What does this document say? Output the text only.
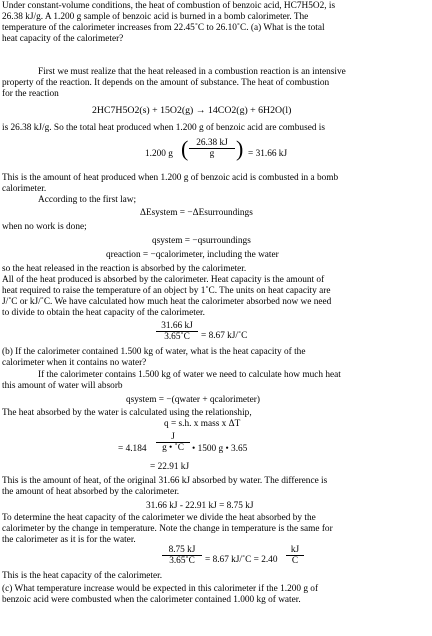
Under constant-volume conditions, the heat of combustion of benzoic acid, HC7H5O2, is
26.38 kJ/g. A 1.200 g sample of benzoic acid is burned in a bomb calorimeter. The
temperature of the calorimeter increases from 22.45˚C to 26.10˚C. (a) What is the total
heat capacity of the calorimeter?
First we must realize that the heat released in a combustion reaction is an intensive
property of the reaction. It depends on the amount of substance. The heat of combustion
for the reaction
2HC7H5O2(s) + 15O2(g) → 14CO2(g) + 6H2O(l)
is 26.38 kJ/g. So the total heat produced when 1.200 g of benzoic acid are combused is
1.200 g ( $\frac{26.38 kJ}{g}$ ) = 31.66 kJ
This is the amount of heat produced when 1.200 g of benzoic acid is combusted in a bomb
calorimeter.
According to the first law;
ΔEsystem = −ΔEsurroundings
when no work is done;
qsystem = −qsurroundings
qreaction = −qcalorimeter, including the water
so the heat released in the reaction is absorbed by the calorimeter.
All of the heat produced is absorbed by the calorimeter. Heat capacity is the amount of
heat required to raise the temperature of an object by 1˚C. The units on heat capacity are
J/˚C or kJ/˚C. We have calculated how much heat the calorimeter absorbed now we need
to divide to obtain the heat capacity of the calorimeter.
$\frac{31.66 kJ}{3.65˚C} = 8.67$ kJ/˚C
(b) If the calorimeter contained 1.500 kg of water, what is the heat capacity of the
calorimeter when it contains no water?
If the calorimeter contains 1.500 kg of water we need to calculate how much heat
this amount of water will absorb
qsystem = −(qwater + qcalorimeter)
The heat absorbed by the water is calculated using the relationship,
q = s.h. x mass x ΔT
= $4.184 \frac{J}{g • ˚C}$ • 1500 g • 3.65
= 22.91 kJ
This is the amount of heat, of the original 31.66 kJ absorbed by water. The difference is
the amount of heat absorbed by the calorimeter.
31.66 kJ - 22.91 kJ = 8.75 kJ
To determine the heat capacity of the calorimeter we divide the heat absorbed by the
calorimeter by the change in temperature. Note the change in temperature is the same for
the calorimeter as it is for the water.
$\frac{8.75 kJ}{3.65˚C} = 8.67$ kJ/˚C = $2.40 \frac{kJ}{C}$
This is the heat capacity of the calorimeter.
(c) What temperature increase would be expected in this calorimeter if the 1.200 g of
benzoic acid were combusted when the calorimeter contained 1.000 kg of water.
